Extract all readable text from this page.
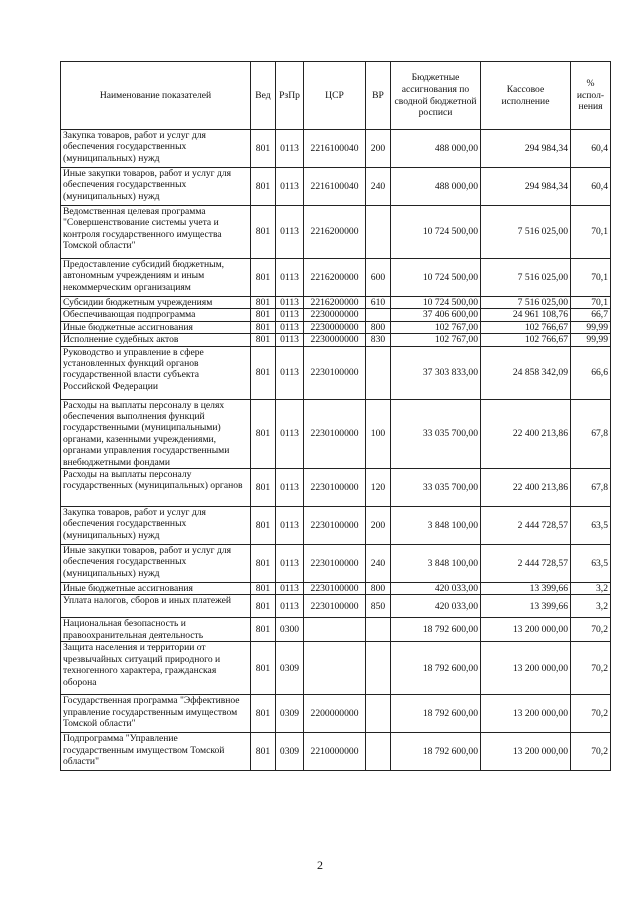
Наименование показателей	Вед	РзПр	ЦСР	ВР	Бюджетные ассигнования по сводной бюджетной росписи	Кассовое исполнение	% испол-нения
Закупка товаров, работ и услуг для обеспечения государственных (муниципальных) нужд	801	0113	2216100040	200	488 000,00	294 984,34	60,4
Иные закупки товаров, работ и услуг для обеспечения государственных (муниципальных) нужд	801	0113	2216100040	240	488 000,00	294 984,34	60,4
Ведомственная целевая программа "Совершенствование системы учета и контроля государственного имущества Томской области"	801	0113	2216200000		10 724 500,00	7 516 025,00	70,1
Предоставление субсидий бюджетным, автономным учреждениям и иным некоммерческим организациям	801	0113	2216200000	600	10 724 500,00	7 516 025,00	70,1
Субсидии бюджетным учреждениям	801	0113	2216200000	610	10 724 500,00	7 516 025,00	70,1
Обеспечивающая подпрограмма	801	0113	2230000000		37 406 600,00	24 961 108,76	66,7
Иные бюджетные ассигнования	801	0113	2230000000	800	102 767,00	102 766,67	99,99
Исполнение судебных актов	801	0113	2230000000	830	102 767,00	102 766,67	99,99
Руководство и управление в сфере установленных функций органов государственной власти субъекта Российской Федерации	801	0113	2230100000		37 303 833,00	24 858 342,09	66,6
Расходы на выплаты персоналу в целях обеспечения выполнения функций государственными (муниципальными) органами, казенными учреждениями, органами управления государственными внебюджетными фондами	801	0113	2230100000	100	33 035 700,00	22 400 213,86	67,8
Расходы на выплаты персоналу государственных (муниципальных) органов	801	0113	2230100000	120	33 035 700,00	22 400 213,86	67,8
Закупка товаров, работ и услуг для обеспечения государственных (муниципальных) нужд	801	0113	2230100000	200	3 848 100,00	2 444 728,57	63,5
Иные закупки товаров, работ и услуг для обеспечения государственных (муниципальных) нужд	801	0113	2230100000	240	3 848 100,00	2 444 728,57	63,5
Иные бюджетные ассигнования	801	0113	2230100000	800	420 033,00	13 399,66	3,2
Уплата налогов, сборов и иных платежей	801	0113	2230100000	850	420 033,00	13 399,66	3,2
Национальная безопасность и правоохранительная деятельность	801	0300			18 792 600,00	13 200 000,00	70,2
Защита населения и территории от чрезвычайных ситуаций природного и техногенного характера, гражданская оборона	801	0309			18 792 600,00	13 200 000,00	70,2
Государственная программа "Эффективное управление государственным имуществом Томской области"	801	0309	2200000000		18 792 600,00	13 200 000,00	70,2
Подпрограмма "Управление государственным имуществом Томской области"	801	0309	2210000000		18 792 600,00	13 200 000,00	70,2
2
